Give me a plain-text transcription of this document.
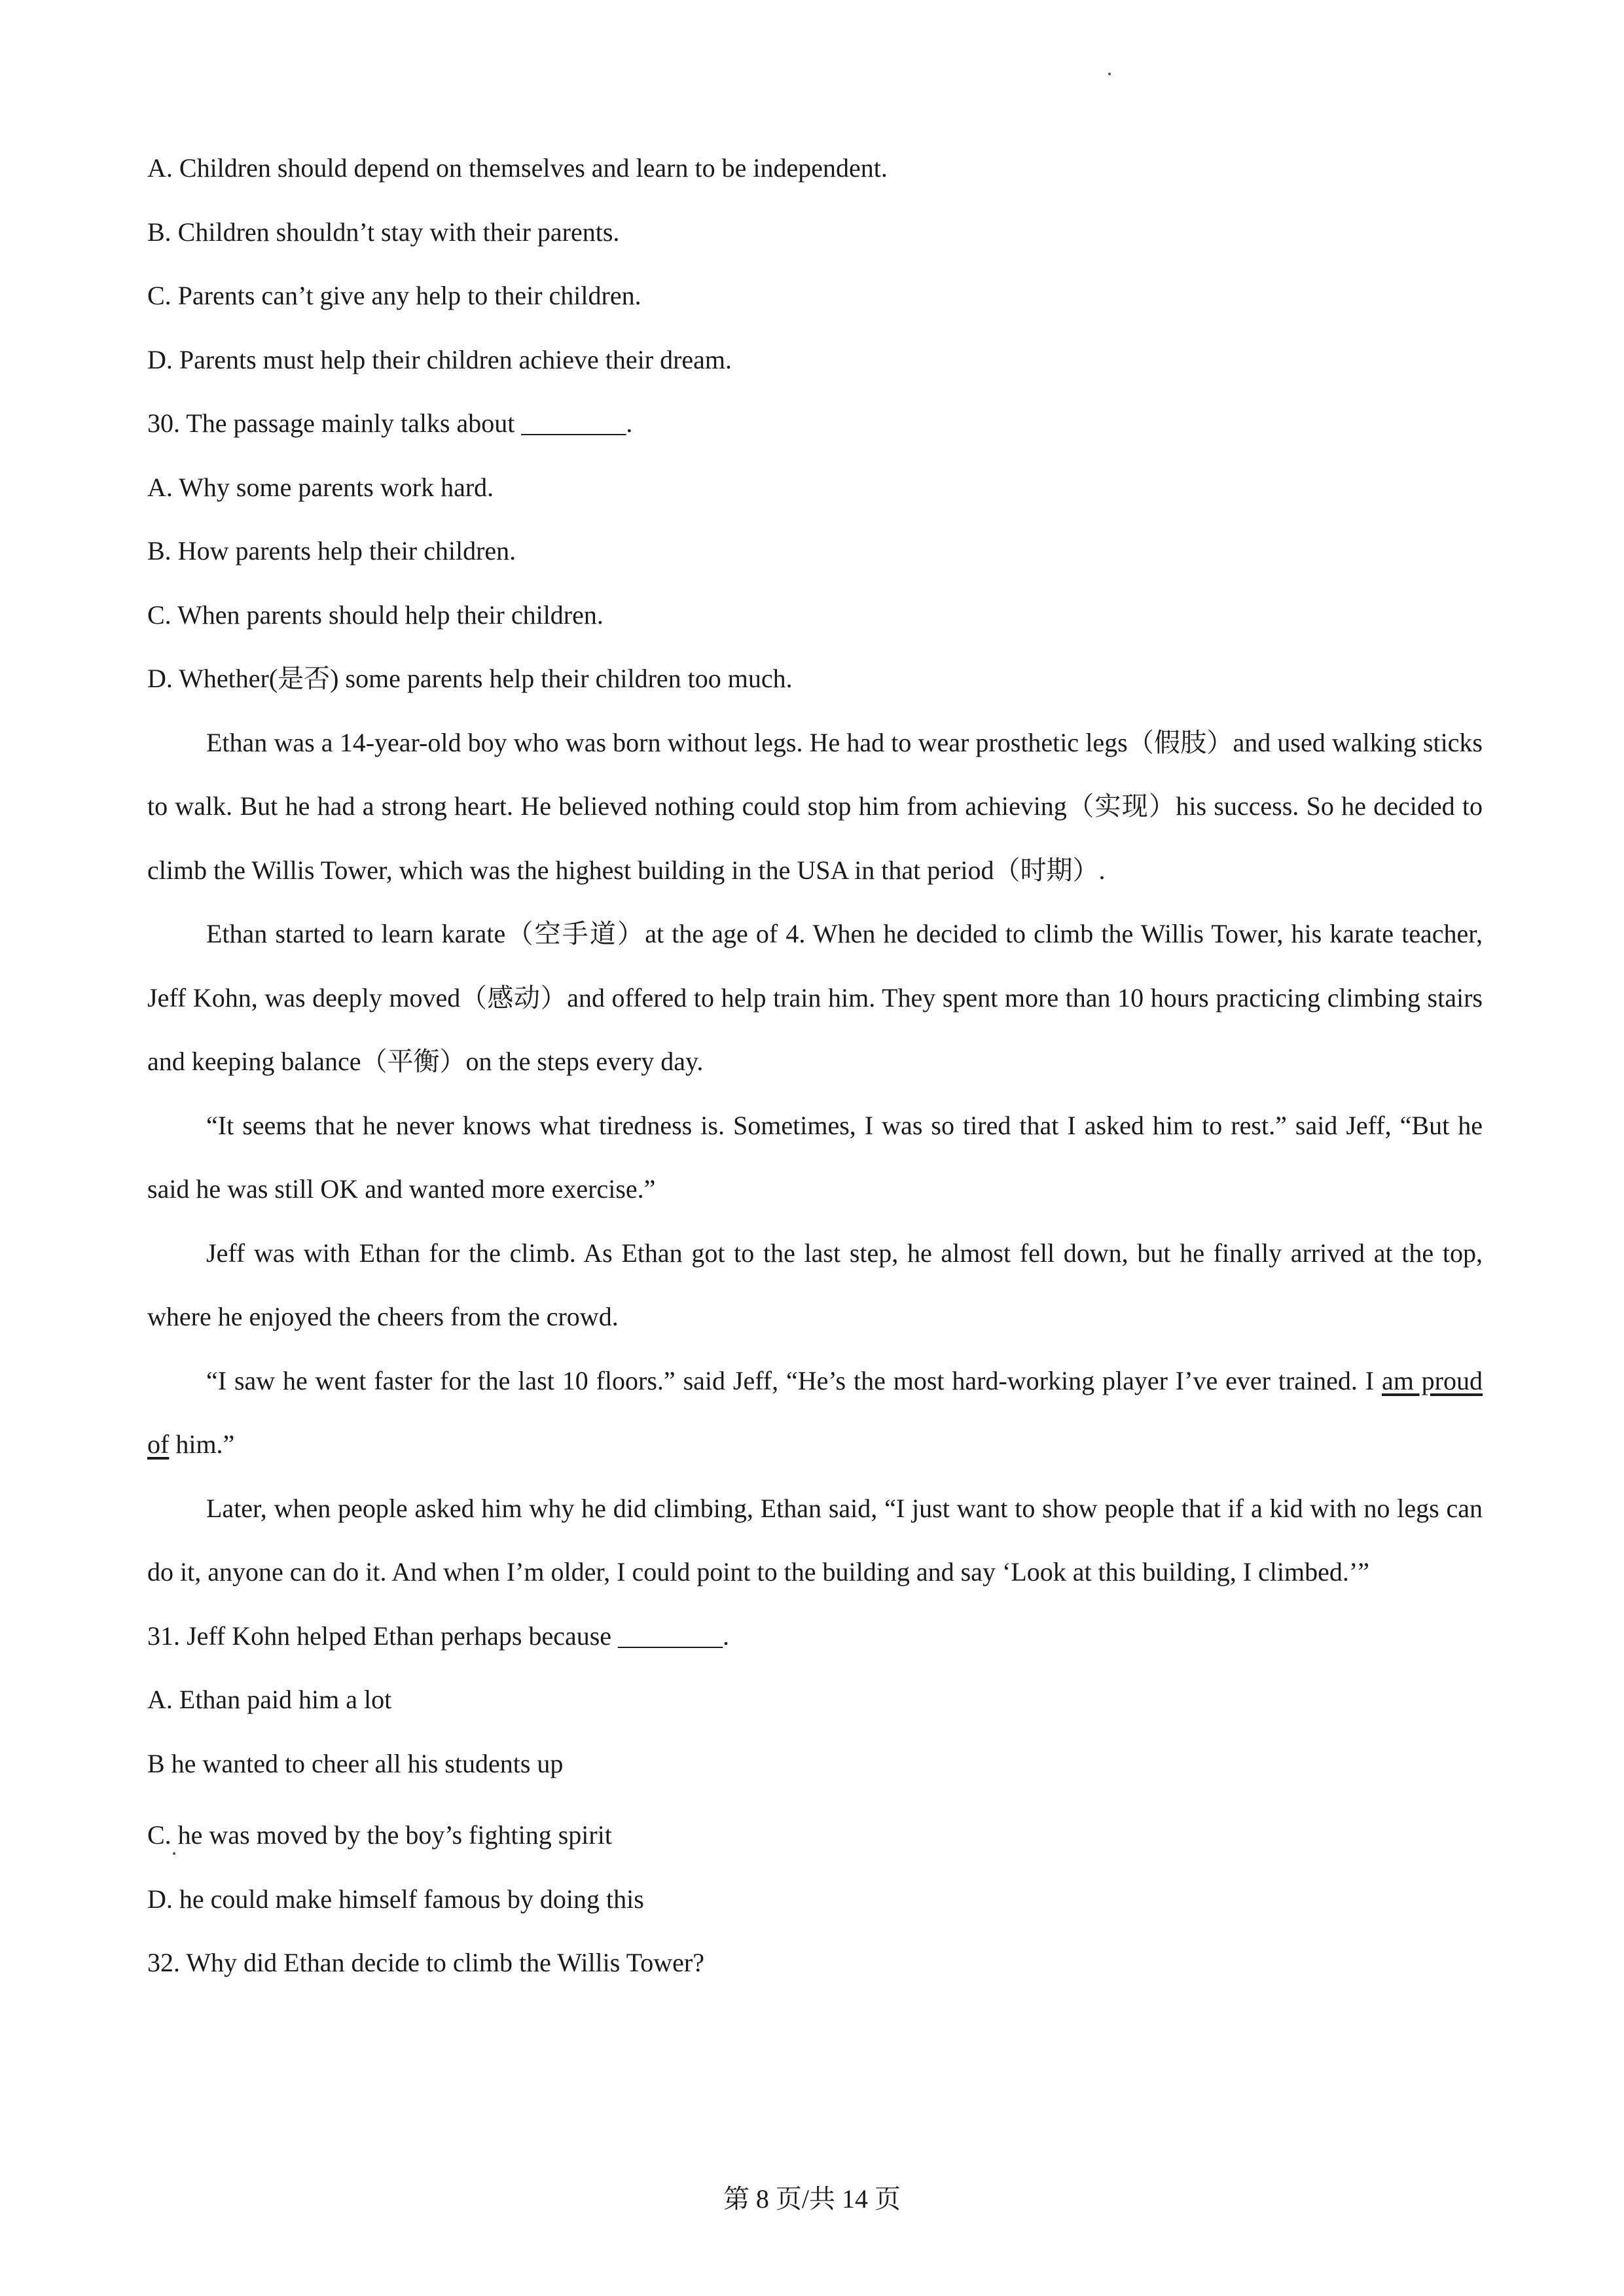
A. Children should depend on themselves and learn to be independent.

B. Children shouldn’t stay with their parents.

C. Parents can’t give any help to their children.

D. Parents must help their children achieve their dream.

30. The passage mainly talks about ________.

A. Why some parents work hard.

B. How parents help their children.

C. When parents should help their children.

D. Whether(是否) some parents help their children too much.

Ethan was a 14-year-old boy who was born without legs. He had to wear prosthetic legs（假肢）and used walking sticks to walk. But he had a strong heart. He believed nothing could stop him from achieving（实现）his success. So he decided to climb the Willis Tower, which was the highest building in the USA in that period（时期）.

Ethan started to learn karate（空手道）at the age of 4. When he decided to climb the Willis Tower, his karate teacher, Jeff Kohn, was deeply moved（感动）and offered to help train him. They spent more than 10 hours practicing climbing stairs and keeping balance（平衡）on the steps every day.

“It seems that he never knows what tiredness is. Sometimes, I was so tired that I asked him to rest.” said Jeff, “But he said he was still OK and wanted more exercise.”

Jeff was with Ethan for the climb. As Ethan got to the last step, he almost fell down, but he finally arrived at the top, where he enjoyed the cheers from the crowd.

“I saw he went faster for the last 10 floors.” said Jeff, “He’s the most hard-working player I’ve ever trained. I am proud of him.”

Later, when people asked him why he did climbing, Ethan said, “I just want to show people that if a kid with no legs can do it, anyone can do it. And when I’m older, I could point to the building and say ‘Look at this building, I climbed.’”

31. Jeff Kohn helped Ethan perhaps because ________.

A. Ethan paid him a lot

B he wanted to cheer all his students up

C. he was moved by the boy’s fighting spirit

D. he could make himself famous by doing this

32. Why did Ethan decide to climb the Willis Tower?

第 8 页/共 14 页
